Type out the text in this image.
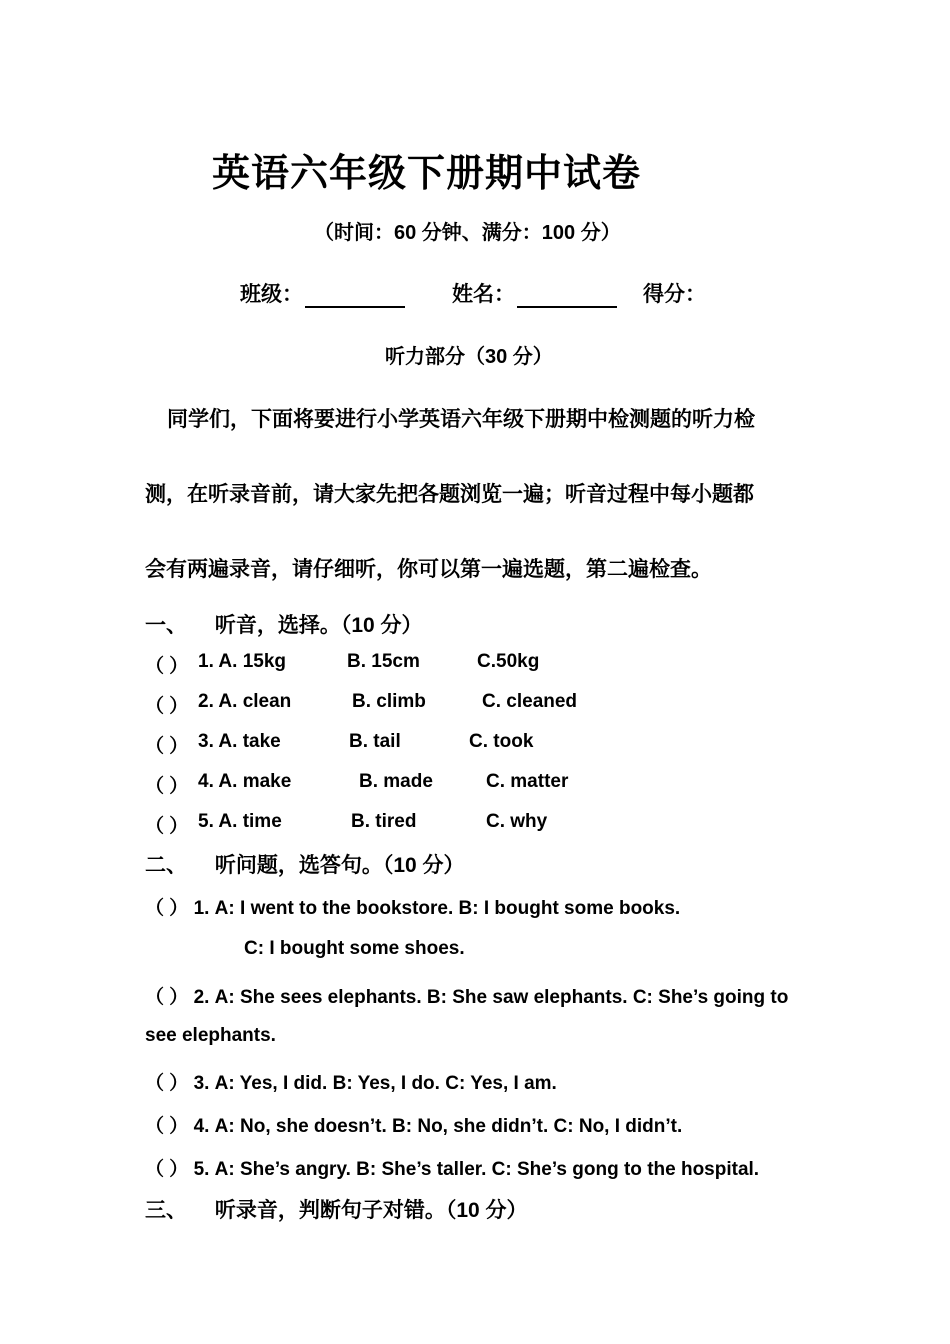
英语六年级下册期中试卷
（时间：60 分钟、满分：100 分）
班级：	姓名：	得分：
听力部分（30 分）
同学们，下面将要进行小学英语六年级下册期中检测题的听力检
测，在听录音前，请大家先把各题浏览一遍；听音过程中每小题都
会有两遍录音，请仔细听，你可以第一遍选题，第二遍检查。
一、 听音，选择。（10 分）
（ ） 1. A. 15kg	B. 15cm	C.50kg
（ ） 2. A. clean	B. climb	C. cleaned
（ ） 3. A. take	B. tail	C. took
（ ） 4. A. make	B. made	C. matter
（ ） 5. A. time	B. tired	C. why
二、 听问题，选答句。（10 分）
（ ） 1. A: I went to the bookstore. B: I bought some books.
C: I bought some shoes.
（ ） 2. A: She sees elephants. B: She saw elephants. C: She’s going to
see elephants.
（ ） 3. A: Yes, I did. B: Yes, I do. C: Yes, I am.
（ ） 4. A: No, she doesn’t. B: No, she didn’t. C: No, I didn’t.
（ ） 5. A: She’s angry. B: She’s taller. C: She’s gong to the hospital.
三、 听录音，判断句子对错。（10 分）
